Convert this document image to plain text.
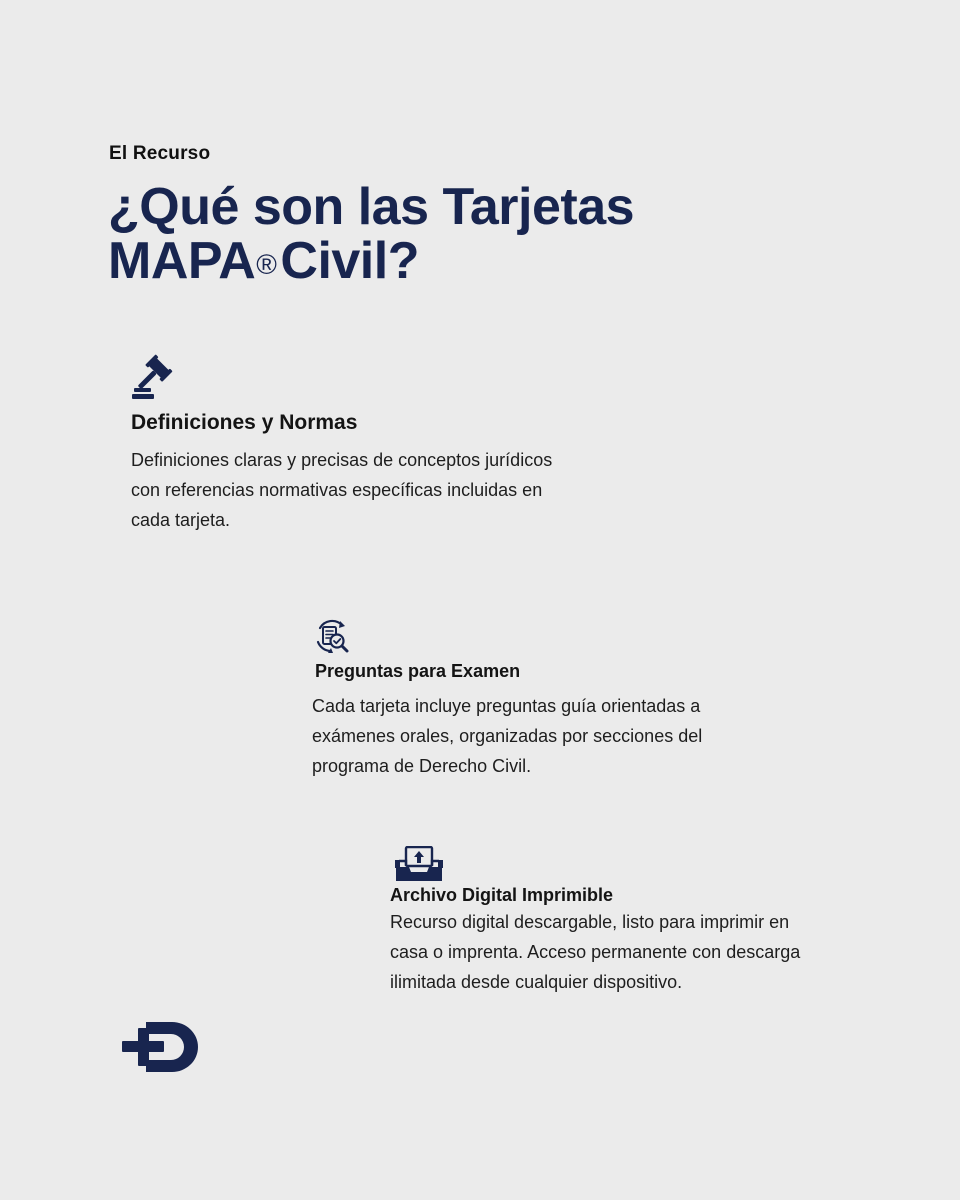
El Recurso
¿Qué son las Tarjetas
MAPA®Civil?
Definiciones y Normas
Definiciones claras y precisas de conceptos jurídicos con referencias normativas específicas incluidas en cada tarjeta.
Preguntas para Examen
Cada tarjeta incluye preguntas guía orientadas a exámenes orales, organizadas por secciones del programa de Derecho Civil.
Archivo Digital Imprimible
Recurso digital descargable, listo para imprimir en casa o imprenta. Acceso permanente con descarga ilimitada desde cualquier dispositivo.
